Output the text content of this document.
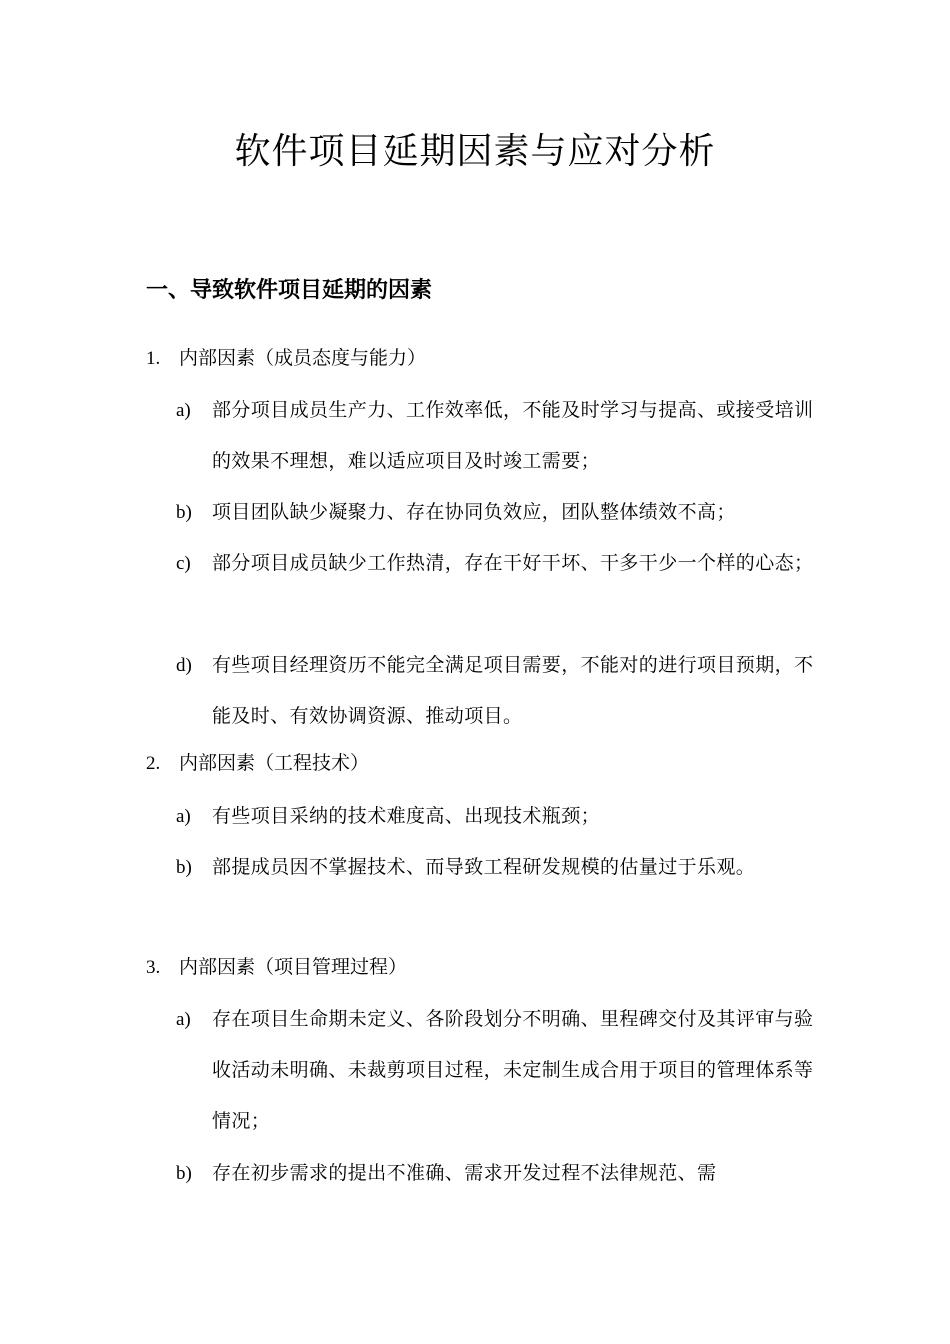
软件项目延期因素与应对分析
一、导致软件项目延期的因素
1. 内部因素（成员态度与能力）
a) 部分项目成员生产力、工作效率低，不能及时学习与提高、或接受培训的效果不理想，难以适应项目及时竣工需要；
b) 项目团队缺少凝聚力、存在协同负效应，团队整体绩效不高；
c) 部分项目成员缺少工作热清，存在干好干坏、干多干少一个样的心态；
d) 有些项目经理资历不能完全满足项目需要，不能对的进行项目预期，不能及时、有效协调资源、推动项目。
2. 内部因素（工程技术）
a) 有些项目采纳的技术难度高、出现技术瓶颈；
b) 部提成员因不掌握技术、而导致工程研发规模的估量过于乐观。
3. 内部因素（项目管理过程）
a) 存在项目生命期未定义、各阶段划分不明确、里程碑交付及其评审与验收活动未明确、未裁剪项目过程，未定制生成合用于项目的管理体系等情况；
b) 存在初步需求的提出不准确、需求开发过程不法律规范、需
